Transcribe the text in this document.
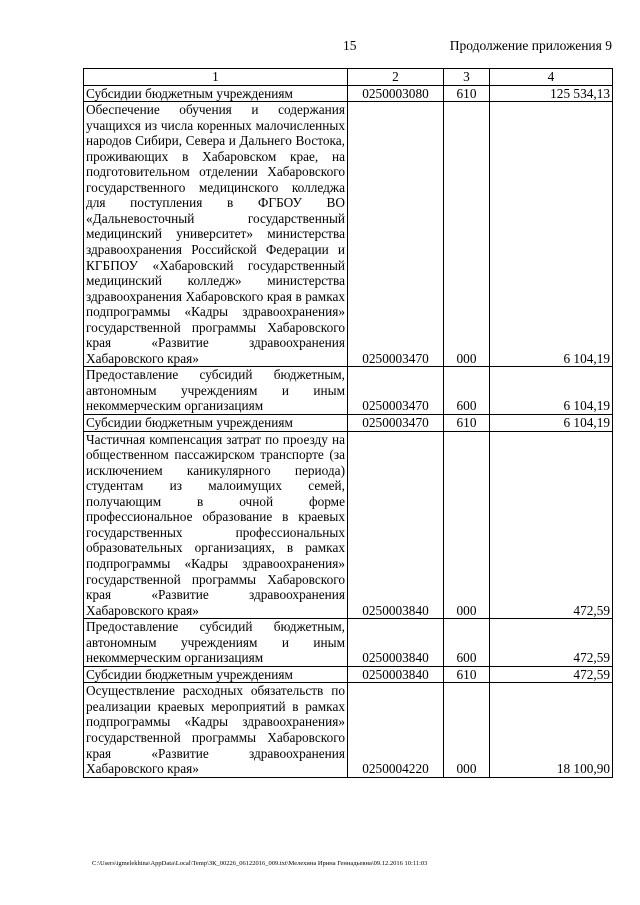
15	Продолжение приложения 9
1	2	3	4
Субсидии бюджетным учреждениям	0250003080	610	125 534,13
Обеспечение обучения и содержания учащихся из числа коренных малочисленных народов Сибири, Севера и Дальнего Востока, проживающих в Хабаровском крае, на подготовительном отделении Хабаровского государственного медицинского колледжа для поступления в ФГБОУ ВО «Дальневосточный государственный медицинский университет» министерства здравоохранения Российской Федерации и КГБПОУ «Хабаровский государственный медицинский колледж» министерства здравоохранения Хабаровского края в рамках подпрограммы «Кадры здравоохранения» государственной программы Хабаровского края «Развитие здравоохранения Хабаровского края»	0250003470	000	6 104,19
Предоставление субсидий бюджетным, автономным учреждениям и иным некоммерческим организациям	0250003470	600	6 104,19
Субсидии бюджетным учреждениям	0250003470	610	6 104,19
Частичная компенсация затрат по проезду на общественном пассажирском транспорте (за исключением каникулярного периода) студентам из малоимущих семей, получающим в очной форме профессиональное образование в краевых государственных профессиональных образовательных организациях, в рамках подпрограммы «Кадры здравоохранения» государственной программы Хабаровского края «Развитие здравоохранения Хабаровского края»	0250003840	000	472,59
Предоставление субсидий бюджетным, автономным учреждениям и иным некоммерческим организациям	0250003840	600	472,59
Субсидии бюджетным учреждениям	0250003840	610	472,59
Осуществление расходных обязательств по реализации краевых мероприятий в рамках подпрограммы «Кадры здравоохранения» государственной программы Хабаровского края «Развитие здравоохранения Хабаровского края»	0250004220	000	18 100,90
C:\Users\igmelekhina\AppData\Local\Temp\ЗК_00226_06122016_009.txt\Мелехина Ирина Геннадьевна\09.12.2016 10:11:03
